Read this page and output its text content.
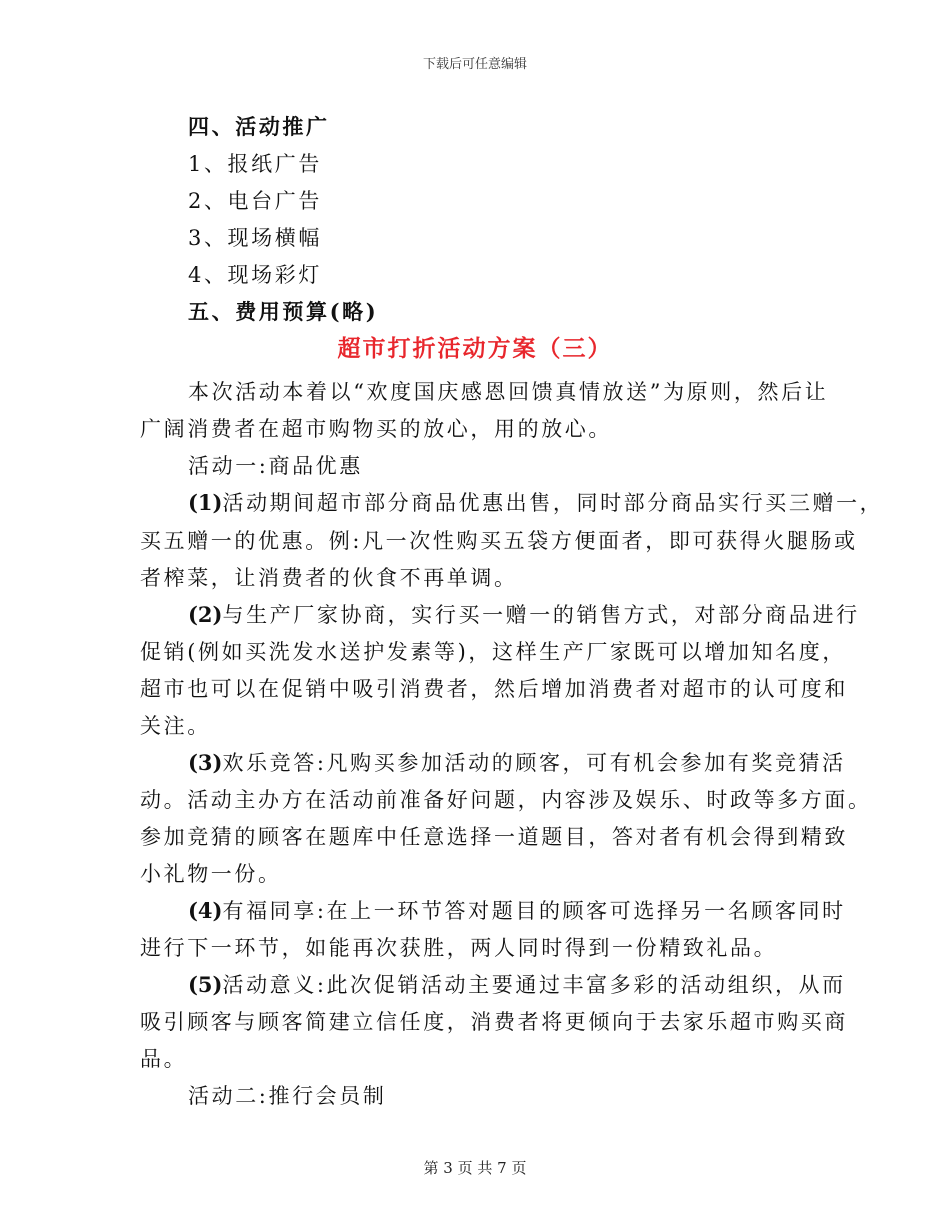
下载后可任意编辑
四、活动推广
1、报纸广告
2、电台广告
3、现场横幅
4、现场彩灯
五、费用预算(略)
超市打折活动方案（三）
本次活动本着以“欢度国庆感恩回馈真情放送”为原则，然后让
广阔消费者在超市购物买的放心，用的放心。
活动一:商品优惠
(1)活动期间超市部分商品优惠出售，同时部分商品实行买三赠一，
买五赠一的优惠。例:凡一次性购买五袋方便面者，即可获得火腿肠或
者榨菜，让消费者的伙食不再单调。
(2)与生产厂家协商，实行买一赠一的销售方式，对部分商品进行
促销(例如买洗发水送护发素等)，这样生产厂家既可以增加知名度，
超市也可以在促销中吸引消费者，然后增加消费者对超市的认可度和
关注。
(3)欢乐竞答:凡购买参加活动的顾客，可有机会参加有奖竞猜活
动。活动主办方在活动前准备好问题，内容涉及娱乐、时政等多方面。
参加竞猜的顾客在题库中任意选择一道题目，答对者有机会得到精致
小礼物一份。
(4)有福同享:在上一环节答对题目的顾客可选择另一名顾客同时
进行下一环节，如能再次获胜，两人同时得到一份精致礼品。
(5)活动意义:此次促销活动主要通过丰富多彩的活动组织，从而
吸引顾客与顾客简建立信任度，消费者将更倾向于去家乐超市购买商
品。
活动二:推行会员制
第 3 页 共 7 页
